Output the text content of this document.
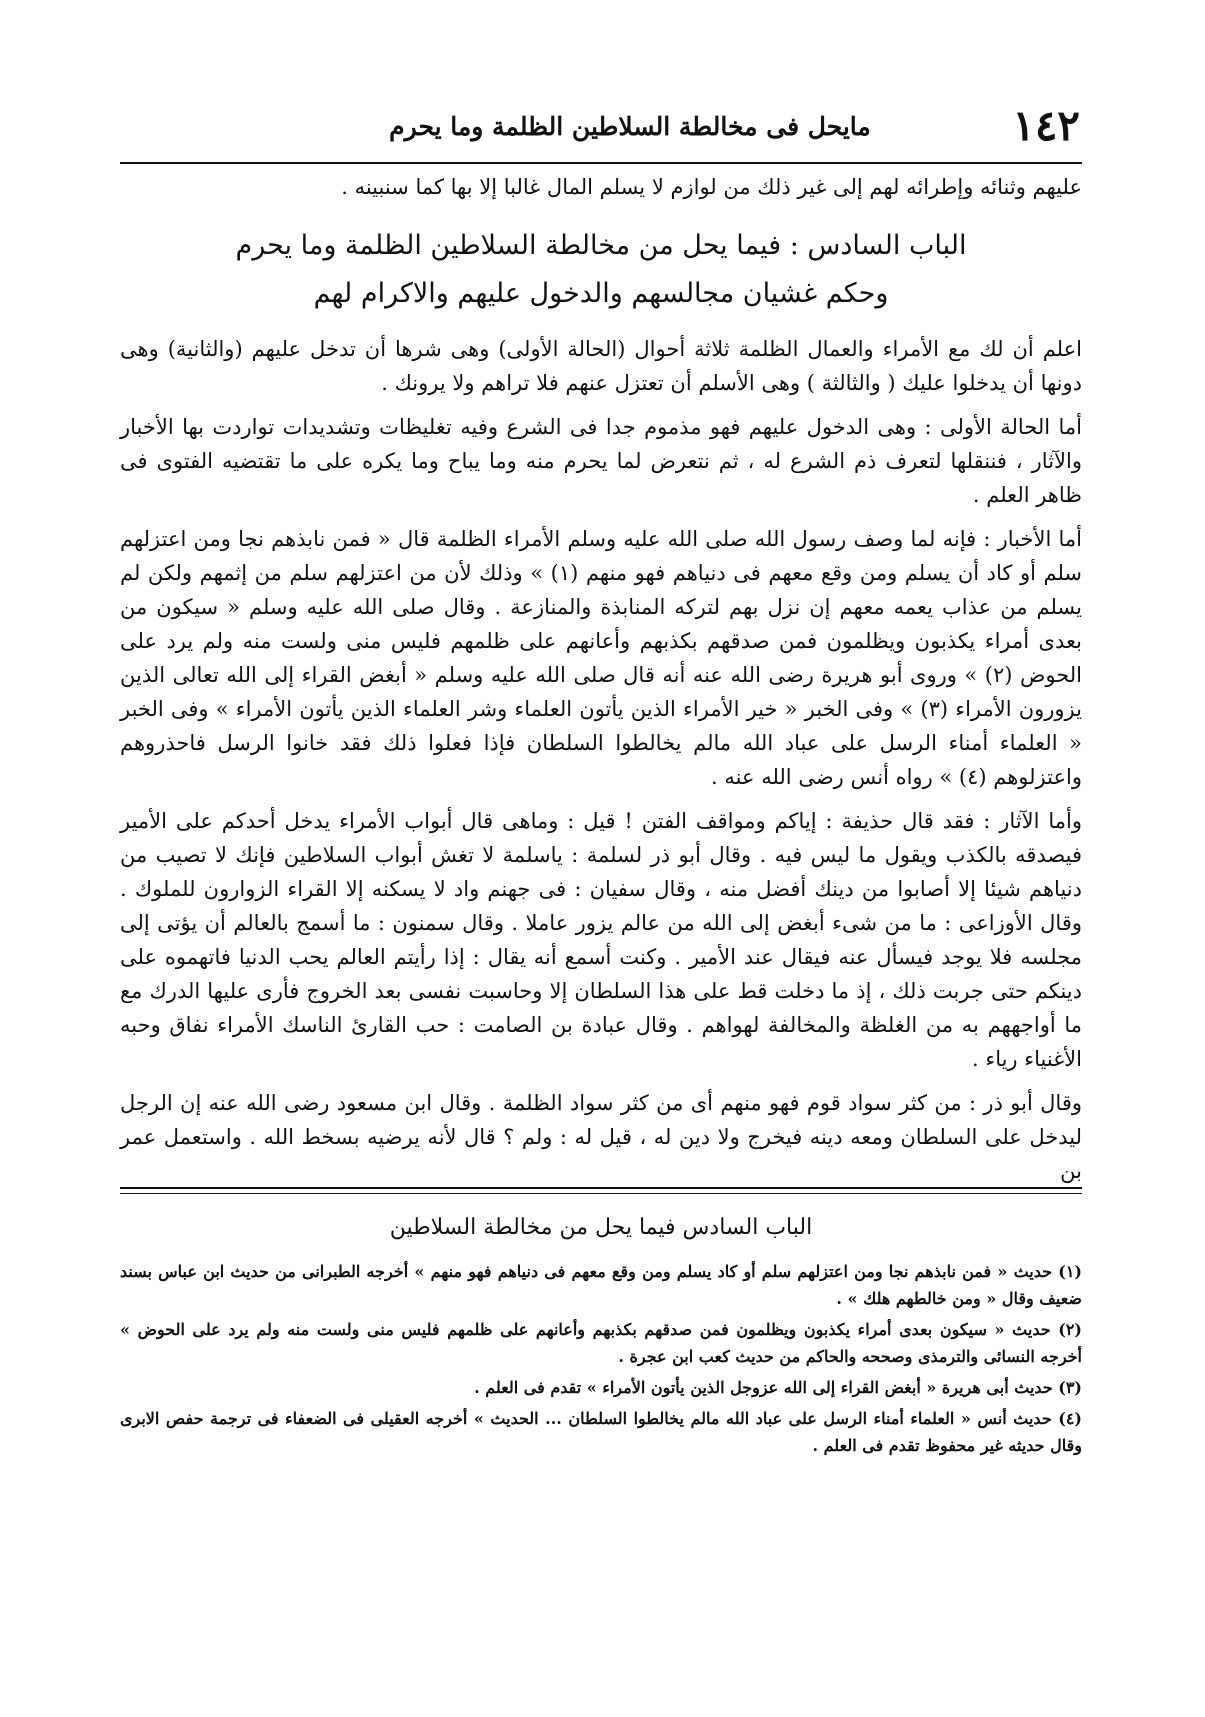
١٤٢
مايحل فى مخالطة السلاطين الظلمة وما يحرم

عليهم وثنائه وإطرائه لهم إلى غير ذلك من لوازم لا يسلم المال غالبا إلا بها كما سنبينه .

الباب السادس : فيما يحل من مخالطة السلاطين الظلمة وما يحرم
وحكم غشيان مجالسهم والدخول عليهم والاكرام لهم

اعلم أن لك مع الأمراء والعمال الظلمة ثلاثة أحوال (الحالة الأولى) وهى شرها أن تدخل عليهم (والثانية) وهى دونها أن يدخلوا عليك ( والثالثة ) وهى الأسلم أن تعتزل عنهم فلا تراهم ولا يرونك .

أما الحالة الأولى : وهى الدخول عليهم فهو مذموم جدا فى الشرع وفيه تغليظات وتشديدات تواردت بها الأخبار والآثار ، فننقلها لتعرف ذم الشرع له ، ثم نتعرض لما يحرم منه وما يباح وما يكره على ما تقتضيه الفتوى فى ظاهر العلم .

أما الأخبار : فإنه لما وصف رسول الله صلى الله عليه وسلم الأمراء الظلمة قال « فمن نابذهم نجا ومن اعتزلهم سلم أو كاد أن يسلم ومن وقع معهم فى دنياهم فهو منهم (١) » وذلك لأن من اعتزلهم سلم من إثمهم ولكن لم يسلم من عذاب يعمه معهم إن نزل بهم لتركه المنابذة والمنازعة . وقال صلى الله عليه وسلم « سيكون من بعدى أمراء يكذبون ويظلمون فمن صدقهم بكذبهم وأعانهم على ظلمهم فليس منى ولست منه ولم يرد على الحوض (٢) » وروى أبو هريرة رضى الله عنه أنه قال صلى الله عليه وسلم « أبغض القراء إلى الله تعالى الذين يزورون الأمراء (٣) » وفى الخبر « خير الأمراء الذين يأتون العلماء وشر العلماء الذين يأتون الأمراء » وفى الخبر « العلماء أمناء الرسل على عباد الله مالم يخالطوا السلطان فإذا فعلوا ذلك فقد خانوا الرسل فاحذروهم واعتزلوهم (٤) » رواه أنس رضى الله عنه .

وأما الآثار : فقد قال حذيفة : إياكم ومواقف الفتن ! قيل : وماهى قال أبواب الأمراء يدخل أحدكم على الأمير فيصدقه بالكذب ويقول ما ليس فيه . وقال أبو ذر لسلمة : ياسلمة لا تغش أبواب السلاطين فإنك لا تصيب من دنياهم شيئا إلا أصابوا من دينك أفضل منه ، وقال سفيان : فى جهنم واد لا يسكنه إلا القراء الزوارون للملوك . وقال الأوزاعى : ما من شىء أبغض إلى الله من عالم يزور عاملا . وقال سمنون : ما أسمج بالعالم أن يؤتى إلى مجلسه فلا يوجد فيسأل عنه فيقال عند الأمير . وكنت أسمع أنه يقال : إذا رأيتم العالم يحب الدنيا فاتهموه على دينكم حتى جربت ذلك ، إذ ما دخلت قط على هذا السلطان إلا وحاسبت نفسى بعد الخروج فأرى عليها الدرك مع ما أواجههم به من الغلظة والمخالفة لهواهم . وقال عبادة بن الصامت : حب القارئ الناسك الأمراء نفاق وحبه الأغنياء رياء .

وقال أبو ذر : من كثر سواد قوم فهو منهم أى من كثر سواد الظلمة . وقال ابن مسعود رضى الله عنه إن الرجل ليدخل على السلطان ومعه دينه فيخرج ولا دين له ، قيل له : ولم ؟ قال لأنه يرضيه بسخط الله . واستعمل عمر بن

الباب السادس فيما يحل من مخالطة السلاطين

(١) حديث « فمن نابذهم نجا ومن اعتزلهم سلم أو كاد يسلم ومن وقع معهم فى دنياهم فهو منهم » أخرجه الطبرانى من حديث ابن عباس بسند ضعيف وقال « ومن خالطهم هلك » .

(٢) حديث « سيكون بعدى أمراء يكذبون ويظلمون فمن صدقهم بكذبهم وأعانهم على ظلمهم فليس منى ولست منه ولم يرد على الحوض » أخرجه النسائى والترمذى وصححه والحاكم من حديث كعب ابن عجرة .

(٣) حديث أبى هريرة « أبغض القراء إلى الله عزوجل الذين يأتون الأمراء » تقدم فى العلم .

(٤) حديث أنس « العلماء أمناء الرسل على عباد الله مالم يخالطوا السلطان ... الحديث » أخرجه العقيلى فى الضعفاء فى ترجمة حفص الابرى وقال حديثه غير محفوظ تقدم فى العلم .
